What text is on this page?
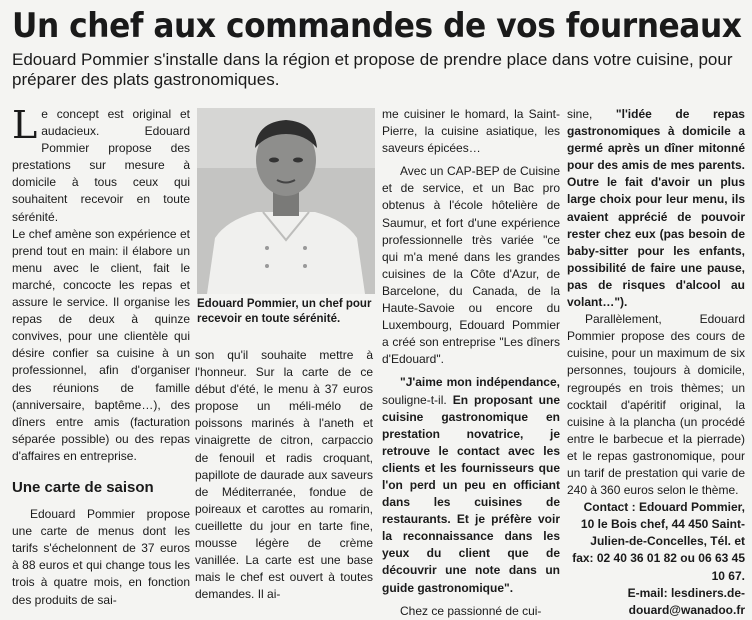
Un chef aux commandes de vos fourneaux
Edouard Pommier s'installe dans la région et propose de prendre place dans votre cuisine, pour préparer des plats gastronomiques.

Le concept est original et audacieux. Edouard Pommier propose des prestations sur mesure à domicile à tous ceux qui souhaitent recevoir en toute sérénité.

Le chef amène son expérience et prend tout en main: il élabore un menu avec le client, fait le marché, concocte les repas et assure le service. Il organise les repas de deux à quinze convives, pour une clientèle qui désire confier sa cuisine à un professionnel, afin d'organiser des réunions de famille (anniversaire, baptême…), des dîners entre amis (facturation séparée possible) ou des repas d'affaires en entreprise.

Une carte de saison

Edouard Pommier propose une carte de menus dont les tarifs s'échelonnent de 37 euros à 88 euros et qui change tous les trois à quatre mois, en fonction des produits de sai-

Edouard Pommier, un chef pour recevoir en toute sérénité.

son qu'il souhaite mettre à l'honneur. Sur la carte de ce début d'été, le menu à 37 euros propose un méli-mélo de poissons marinés à l'aneth et vinaigrette de citron, carpaccio de fenouil et radis croquant, papillote de daurade aux saveurs de Méditerranée, fondue de poireaux et carottes au romarin, cueillette du jour en tarte fine, mousse légère de crème vanillée. La carte est une base mais le chef est ouvert à toutes demandes. Il ai-

me cuisiner le homard, la Saint-Pierre, la cuisine asiatique, les saveurs épicées…

Avec un CAP-BEP de Cuisine et de service, et un Bac pro obtenus à l'école hôtelière de Saumur, et fort d'une expérience professionnelle très variée "ce qui m'a mené dans les grandes cuisines de la Côte d'Azur, de Barcelone, du Canada, de la Haute-Savoie ou encore du Luxembourg, Edouard Pommier a créé son entreprise "Les dîners d'Edouard".

"J'aime mon indépendance, souligne-t-il. En proposant une cuisine gastronomique en prestation novatrice, je retrouve le contact avec les clients et les fournisseurs que l'on perd un peu en officiant dans les cuisines de restaurants. Et je préfère voir la reconnaissance dans les yeux du client que de découvrir une note dans un guide gastronomique".

Chez ce passionné de cui-

sine, "l'idée de repas gastronomiques à domicile a germé après un dîner mitonné pour des amis de mes parents. Outre le fait d'avoir un plus large choix pour leur menu, ils avaient apprécié de pouvoir rester chez eux (pas besoin de baby-sitter pour les enfants, possibilité de faire une pause, pas de risques d'alcool au volant…").

Parallèlement, Edouard Pommier propose des cours de cuisine, pour un maximum de six personnes, toujours à domicile, regroupés en trois thèmes; un cocktail d'apéritif original, la cuisine à la plancha (un procédé entre le barbecue et la pierrade) et le repas gastronomique, pour un tarif de prestation qui varie de 240 à 360 euros selon le thème.

Contact : Edouard Pommier, 10 le Bois chef, 44 450 Saint-Julien-de-Concelles, Tél. et fax: 02 40 36 01 82 ou 06 63 45 10 67.

E-mail: lesdiners.de-douard@wanadoo.fr
